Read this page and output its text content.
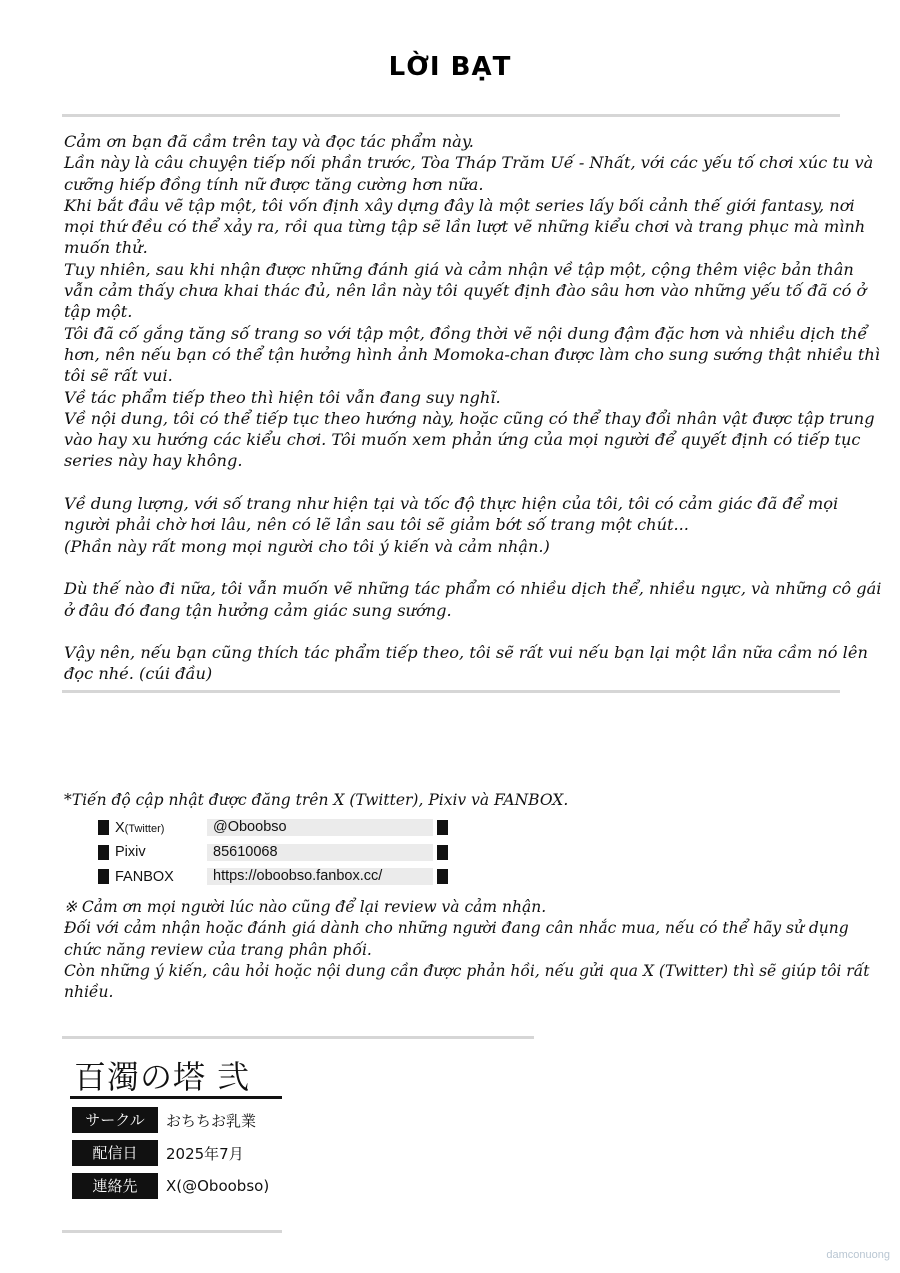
LỜI BẠT

Cảm ơn bạn đã cầm trên tay và đọc tác phẩm này.

Lần này là câu chuyện tiếp nối phần trước, Tòa Tháp Trăm Uế - Nhất, với các yếu tố chơi xúc tu và cưỡng hiếp đồng tính nữ được tăng cường hơn nữa.

Khi bắt đầu vẽ tập một, tôi vốn định xây dựng đây là một series lấy bối cảnh thế giới fantasy, nơi mọi thứ đều có thể xảy ra, rồi qua từng tập sẽ lần lượt vẽ những kiểu chơi và trang phục mà mình muốn thử.

Tuy nhiên, sau khi nhận được những đánh giá và cảm nhận về tập một, cộng thêm việc bản thân vẫn cảm thấy chưa khai thác đủ, nên lần này tôi quyết định đào sâu hơn vào những yếu tố đã có ở tập một.

Tôi đã cố gắng tăng số trang so với tập một, đồng thời vẽ nội dung đậm đặc hơn và nhiều dịch thể hơn, nên nếu bạn có thể tận hưởng hình ảnh Momoka-chan được làm cho sung sướng thật nhiều thì tôi sẽ rất vui.

Về tác phẩm tiếp theo thì hiện tôi vẫn đang suy nghĩ.

Về nội dung, tôi có thể tiếp tục theo hướng này, hoặc cũng có thể thay đổi nhân vật được tập trung vào hay xu hướng các kiểu chơi. Tôi muốn xem phản ứng của mọi người để quyết định có tiếp tục series này hay không.

Về dung lượng, với số trang như hiện tại và tốc độ thực hiện của tôi, tôi có cảm giác đã để mọi người phải chờ hơi lâu, nên có lẽ lần sau tôi sẽ giảm bớt số trang một chút...

(Phần này rất mong mọi người cho tôi ý kiến và cảm nhận.)

Dù thế nào đi nữa, tôi vẫn muốn vẽ những tác phẩm có nhiều dịch thể, nhiều ngực, và những cô gái ở đâu đó đang tận hưởng cảm giác sung sướng.

Vậy nên, nếu bạn cũng thích tác phẩm tiếp theo, tôi sẽ rất vui nếu bạn lại một lần nữa cầm nó lên đọc nhé. (cúi đầu)

*Tiến độ cập nhật được đăng trên X (Twitter), Pixiv và FANBOX.
X(Twitter)	@Oboobso
Pixiv	85610068
FANBOX	https://oboobso.fanbox.cc/

※ Cảm ơn mọi người lúc nào cũng để lại review và cảm nhận.

Đối với cảm nhận hoặc đánh giá dành cho những người đang cân nhắc mua, nếu có thể hãy sử dụng chức năng review của trang phân phối.

Còn những ý kiến, câu hỏi hoặc nội dung cần được phản hồi, nếu gửi qua X (Twitter) thì sẽ giúp tôi rất nhiều.

百濁の塔 弐
サークル	おちちお乳業
配信日	2025年7月
連絡先	X(@Oboobso)
damconuong
